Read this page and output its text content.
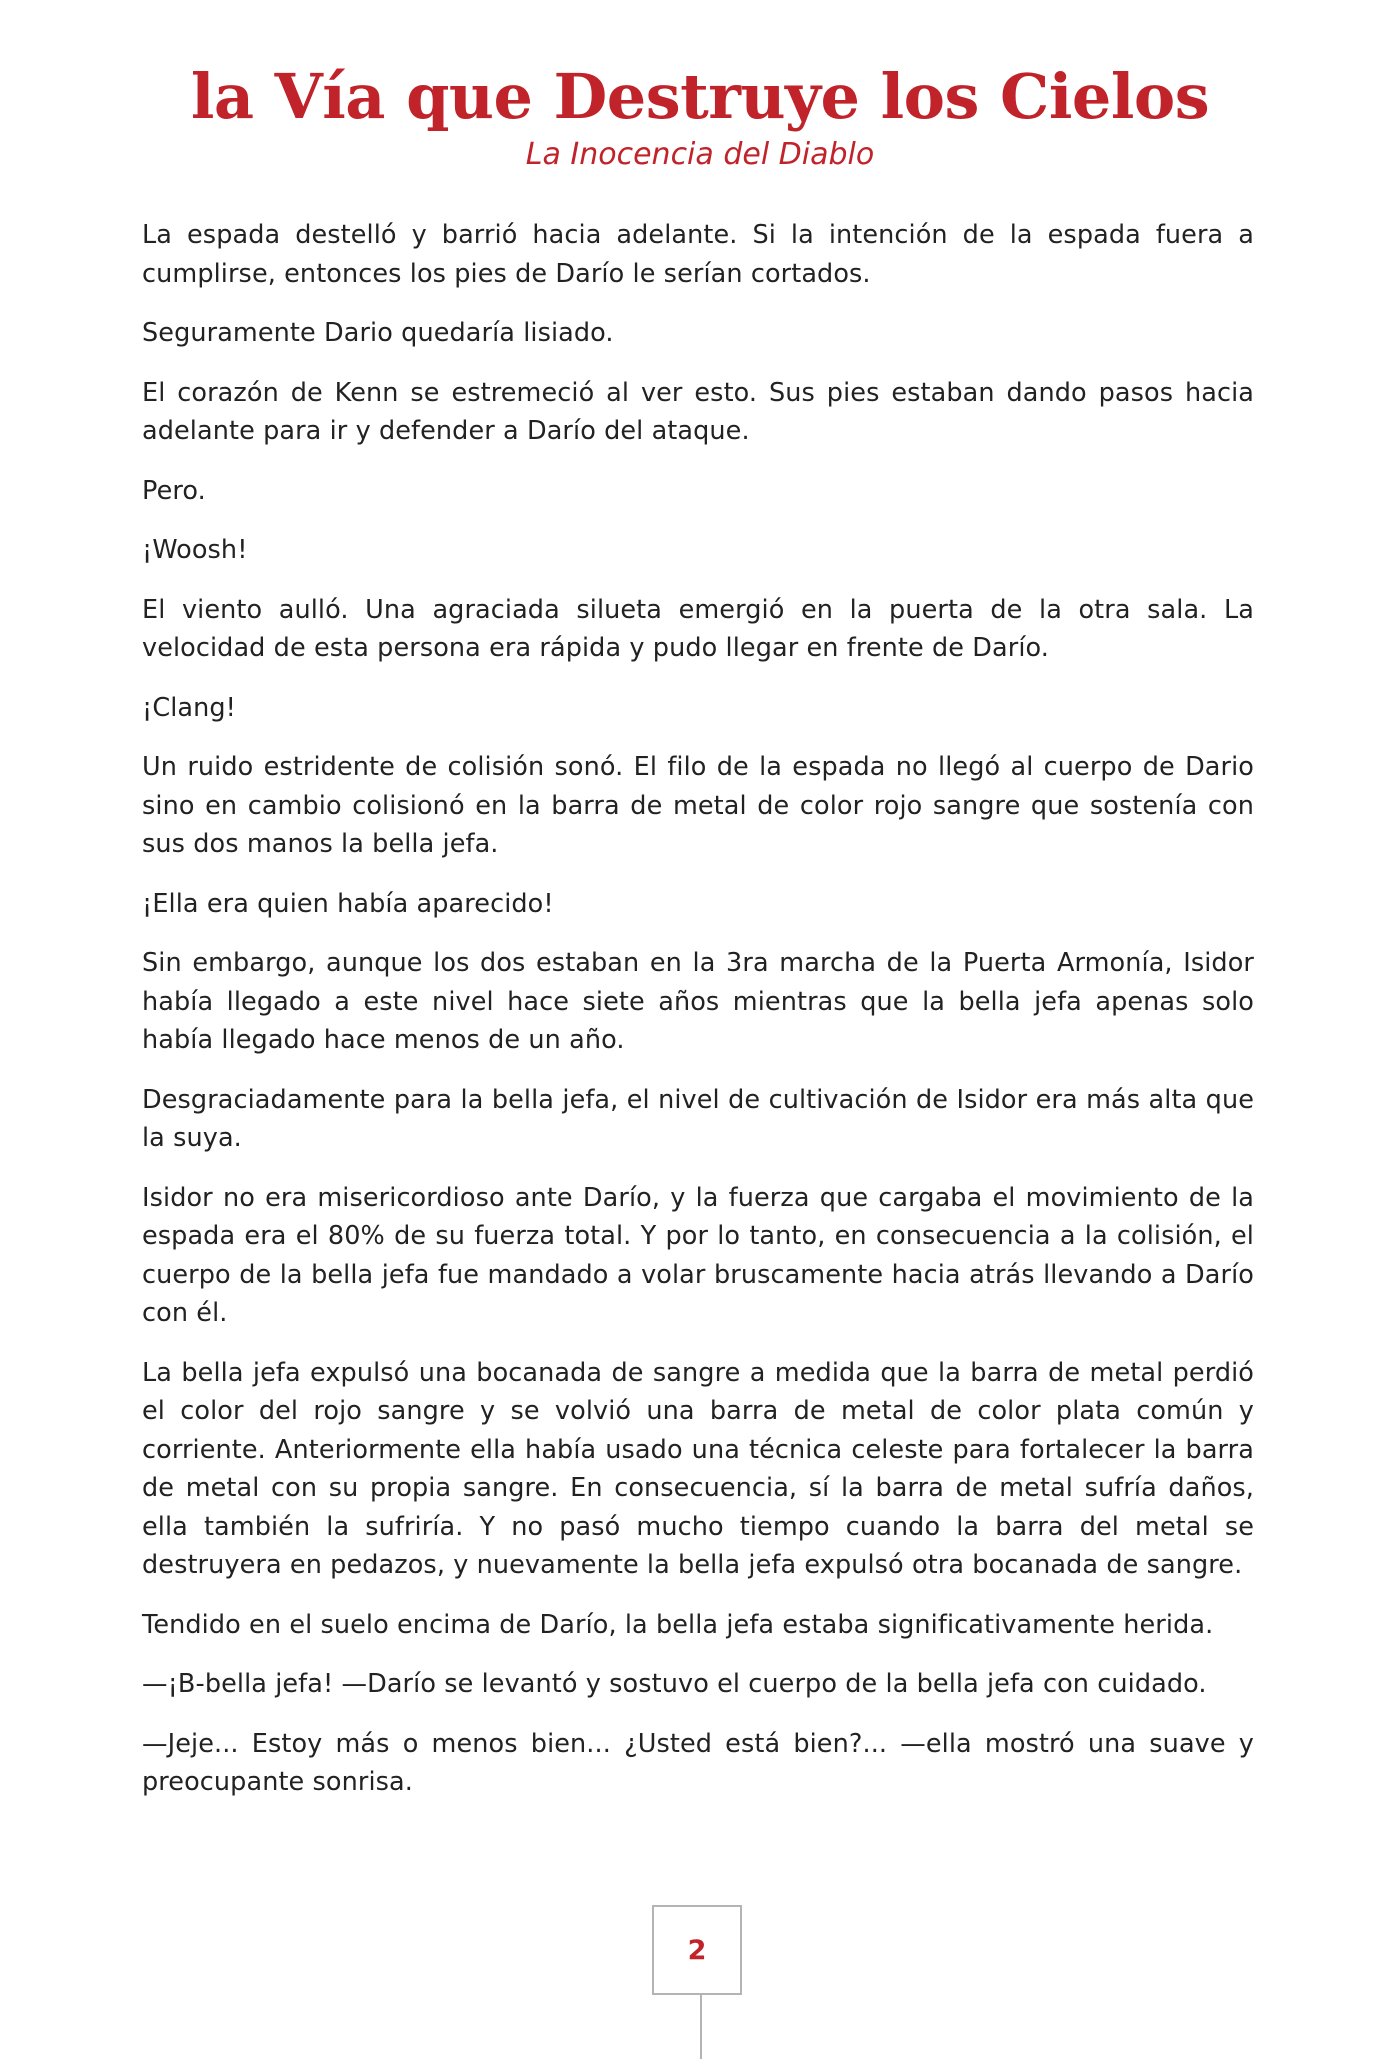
la Vía que Destruye los Cielos
La Inocencia del Diablo

La espada destelló y barrió hacia adelante. Si la intención de la espada fuera a cumplirse, entonces los pies de Darío le serían cortados.

Seguramente Dario quedaría lisiado.

El corazón de Kenn se estremeció al ver esto. Sus pies estaban dando pasos hacia adelante para ir y defender a Darío del ataque.

Pero.

¡Woosh!

El viento aulló. Una agraciada silueta emergió en la puerta de la otra sala. La velocidad de esta persona era rápida y pudo llegar en frente de Darío.

¡Clang!

Un ruido estridente de colisión sonó. El filo de la espada no llegó al cuerpo de Dario sino en cambio colisionó en la barra de metal de color rojo sangre que sostenía con sus dos manos la bella jefa.

¡Ella era quien había aparecido!

Sin embargo, aunque los dos estaban en la 3ra marcha de la Puerta Armonía, Isidor había llegado a este nivel hace siete años mientras que la bella jefa apenas solo había llegado hace menos de un año.

Desgraciadamente para la bella jefa, el nivel de cultivación de Isidor era más alta que la suya.

Isidor no era misericordioso ante Darío, y la fuerza que cargaba el movimiento de la espada era el 80% de su fuerza total. Y por lo tanto, en consecuencia a la colisión, el cuerpo de la bella jefa fue mandado a volar bruscamente hacia atrás llevando a Darío con él.

La bella jefa expulsó una bocanada de sangre a medida que la barra de metal perdió el color del rojo sangre y se volvió una barra de metal de color plata común y corriente. Anteriormente ella había usado una técnica celeste para fortalecer la barra de metal con su propia sangre. En consecuencia, sí la barra de metal sufría daños, ella también la sufriría. Y no pasó mucho tiempo cuando la barra del metal se destruyera en pedazos, y nuevamente la bella jefa expulsó otra bocanada de sangre.

Tendido en el suelo encima de Darío, la bella jefa estaba significativamente herida.

—¡B-bella jefa! —Darío se levantó y sostuvo el cuerpo de la bella jefa con cuidado.

—Jeje... Estoy más o menos bien... ¿Usted está bien?... —ella mostró una suave y preocupante sonrisa.

2
